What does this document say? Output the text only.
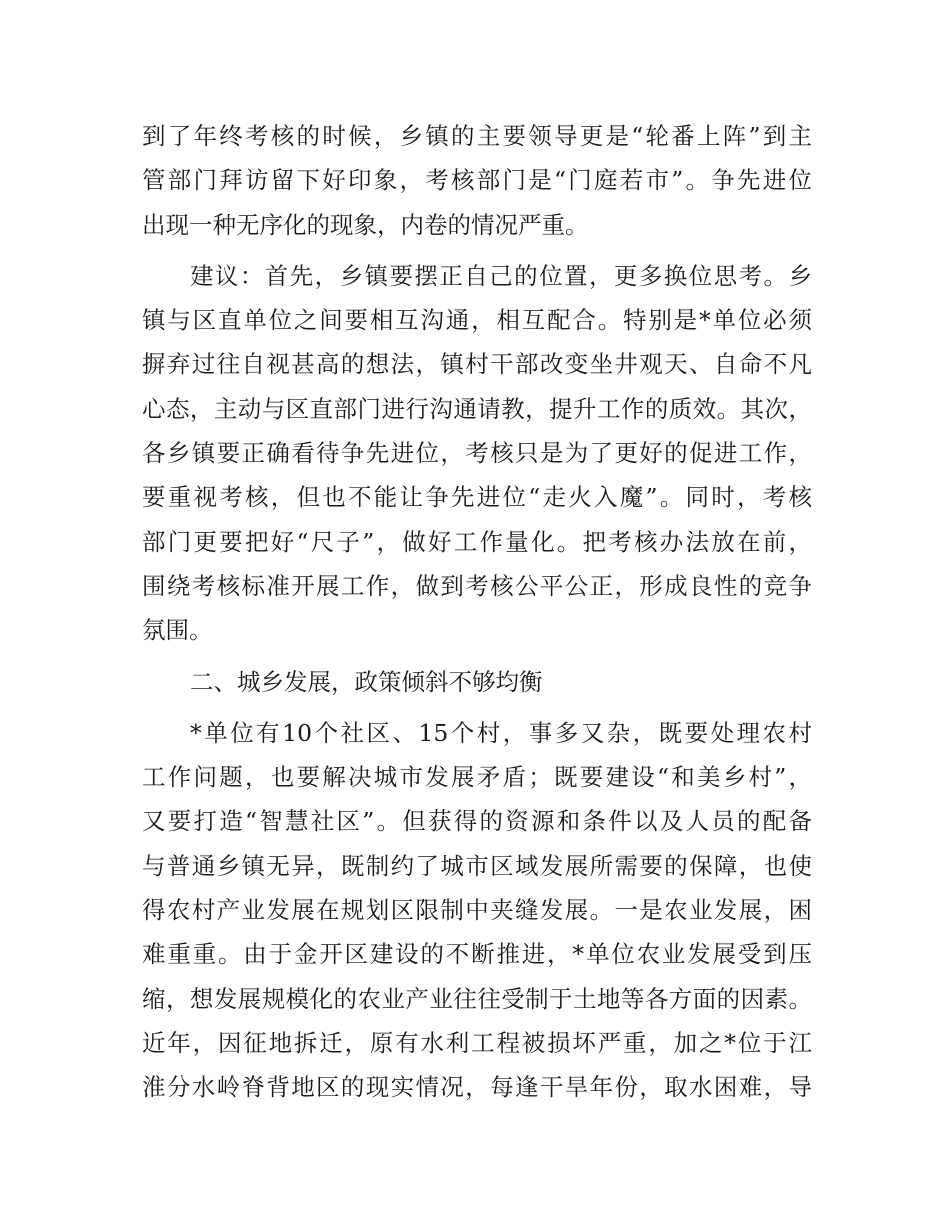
到了年终考核的时候，乡镇的主要领导更是“轮番上阵”到主
管部门拜访留下好印象，考核部门是“门庭若市”。争先进位
出现一种无序化的现象，内卷的情况严重。
建议：首先，乡镇要摆正自己的位置，更多换位思考。乡
镇与区直单位之间要相互沟通，相互配合。特别是*单位必须
摒弃过往自视甚高的想法，镇村干部改变坐井观天、自命不凡
心态，主动与区直部门进行沟通请教，提升工作的质效。其次，
各乡镇要正确看待争先进位，考核只是为了更好的促进工作，
要重视考核，但也不能让争先进位“走火入魔”。同时，考核
部门更要把好“尺子”，做好工作量化。把考核办法放在前，
围绕考核标准开展工作，做到考核公平公正，形成良性的竞争
氛围。
二、城乡发展，政策倾斜不够均衡
*单位有10个社区、15个村，事多又杂，既要处理农村
工作问题，也要解决城市发展矛盾；既要建设“和美乡村”，
又要打造“智慧社区”。但获得的资源和条件以及人员的配备
与普通乡镇无异，既制约了城市区域发展所需要的保障，也使
得农村产业发展在规划区限制中夹缝发展。一是农业发展，困
难重重。由于金开区建设的不断推进，*单位农业发展受到压
缩，想发展规模化的农业产业往往受制于土地等各方面的因素。
近年，因征地拆迁，原有水利工程被损坏严重，加之*位于江
淮分水岭脊背地区的现实情况，每逢干旱年份，取水困难，导
